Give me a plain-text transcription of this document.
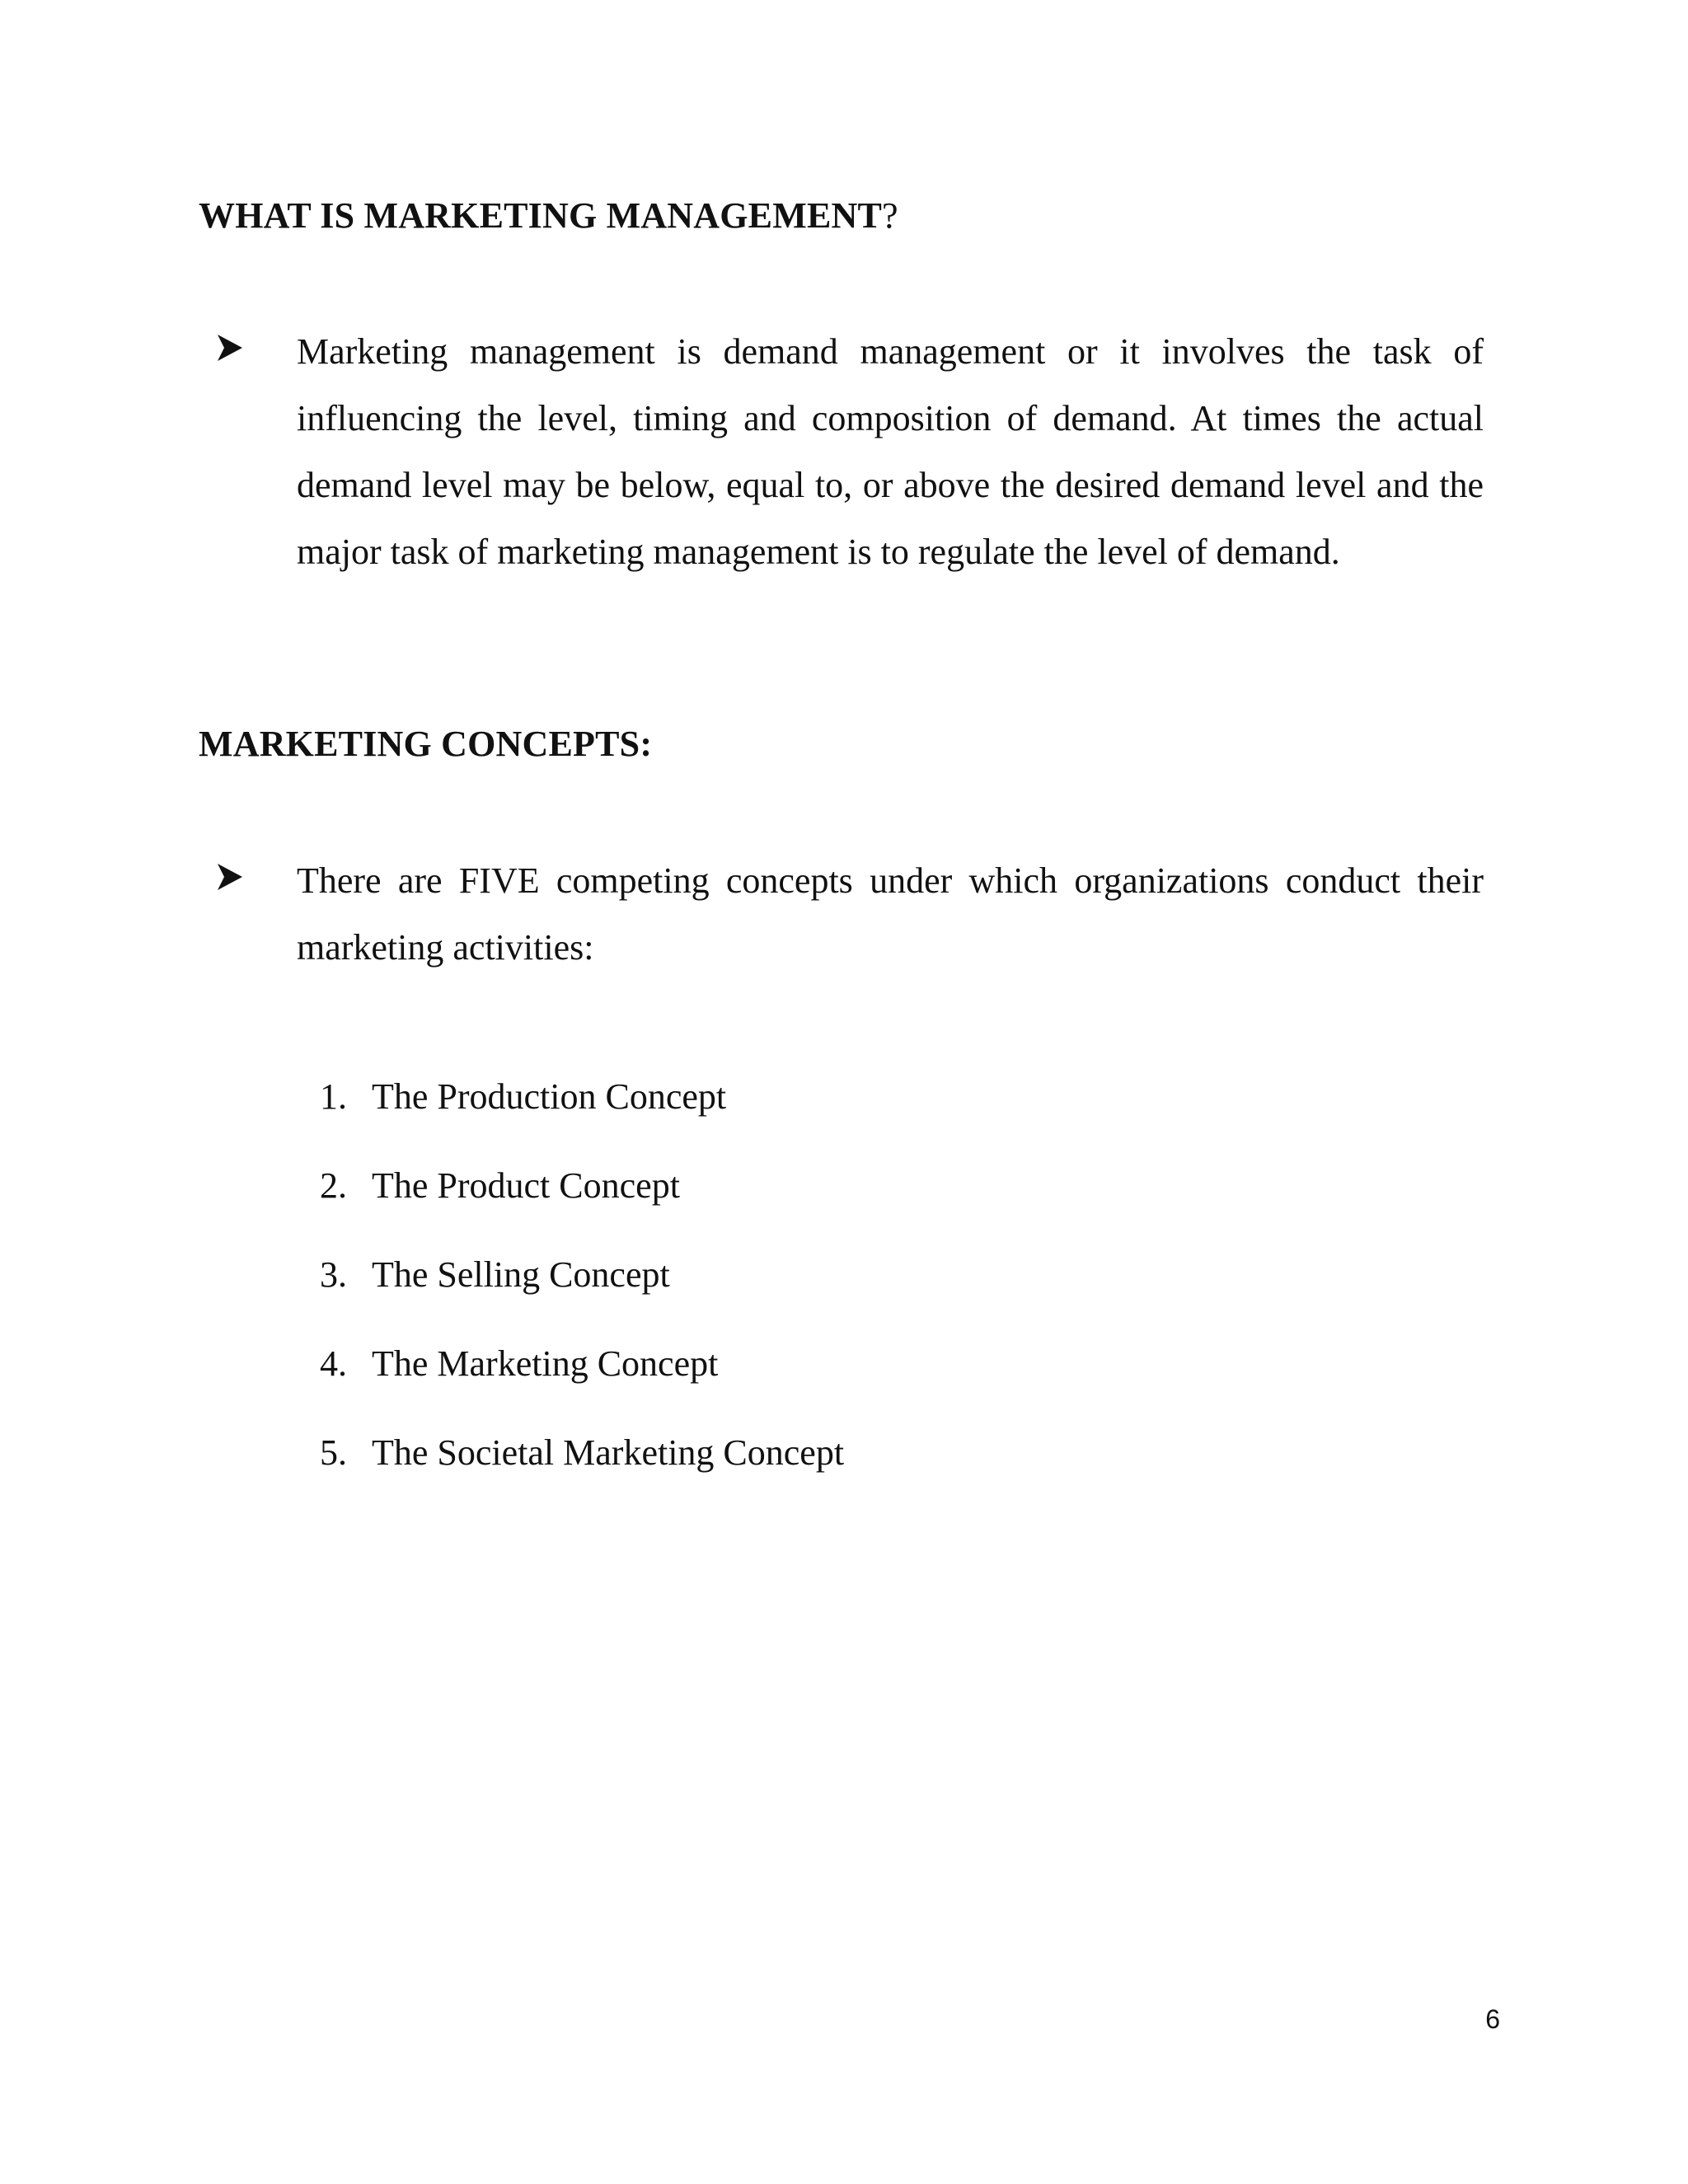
WHAT IS MARKETING MANAGEMENT?

Marketing management is demand management or it involves the task of influencing the level, timing and composition of demand. At times the actual demand level may be below, equal to, or above the desired demand level and the major task of marketing management is to regulate the level of demand.

MARKETING CONCEPTS:

There are FIVE competing concepts under which organizations conduct their marketing activities:

1. The Production Concept
2. The Product Concept
3. The Selling Concept
4. The Marketing Concept
5. The Societal Marketing Concept
6
